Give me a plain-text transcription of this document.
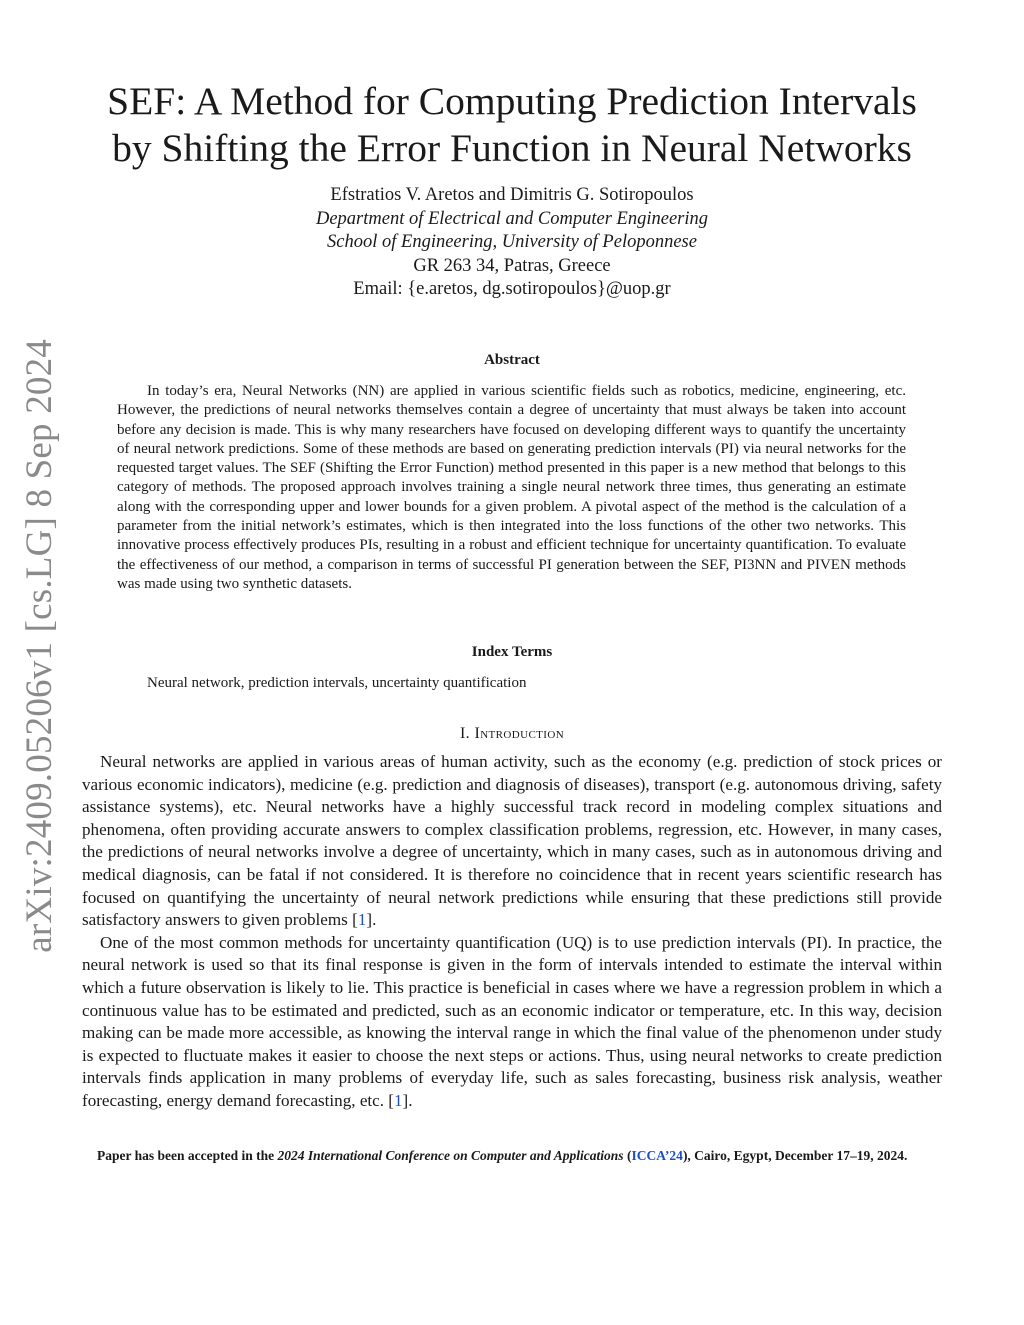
arXiv:2409.05206v1 [cs.LG] 8 Sep 2024
SEF: A Method for Computing Prediction Intervals
by Shifting the Error Function in Neural Networks
Efstratios V. Aretos and Dimitris G. Sotiropoulos
Department of Electrical and Computer Engineering
School of Engineering, University of Peloponnese
GR 263 34, Patras, Greece
Email: {e.aretos, dg.sotiropoulos}@uop.gr
Abstract

In today’s era, Neural Networks (NN) are applied in various scientific fields such as robotics, medicine, engineering, etc. However, the predictions of neural networks themselves contain a degree of uncertainty that must always be taken into account before any decision is made. This is why many researchers have focused on developing different ways to quantify the uncertainty of neural network predictions. Some of these methods are based on generating prediction intervals (PI) via neural networks for the requested target values. The SEF (Shifting the Error Function) method presented in this paper is a new method that belongs to this category of methods. The proposed approach involves training a single neural network three times, thus generating an estimate along with the corresponding upper and lower bounds for a given problem. A pivotal aspect of the method is the calculation of a parameter from the initial network’s estimates, which is then integrated into the loss functions of the other two networks. This innovative process effectively produces PIs, resulting in a robust and efficient technique for uncertainty quantification. To evaluate the effectiveness of our method, a comparison in terms of successful PI generation between the SEF, PI3NN and PIVEN methods was made using two synthetic datasets.

Index Terms
Neural network, prediction intervals, uncertainty quantification
I. Introduction

Neural networks are applied in various areas of human activity, such as the economy (e.g. prediction of stock prices or various economic indicators), medicine (e.g. prediction and diagnosis of diseases), transport (e.g. autonomous driving, safety assistance systems), etc. Neural networks have a highly successful track record in modeling complex situations and phenomena, often providing accurate answers to complex classification problems, regression, etc. However, in many cases, the predictions of neural networks involve a degree of uncertainty, which in many cases, such as in autonomous driving and medical diagnosis, can be fatal if not considered. It is therefore no coincidence that in recent years scientific research has focused on quantifying the uncertainty of neural network predictions while ensuring that these predictions still provide satisfactory answers to given problems [1].

One of the most common methods for uncertainty quantification (UQ) is to use prediction intervals (PI). In practice, the neural network is used so that its final response is given in the form of intervals intended to estimate the interval within which a future observation is likely to lie. This practice is beneficial in cases where we have a regression problem in which a continuous value has to be estimated and predicted, such as an economic indicator or temperature, etc. In this way, decision making can be made more accessible, as knowing the interval range in which the final value of the phenomenon under study is expected to fluctuate makes it easier to choose the next steps or actions. Thus, using neural networks to create prediction intervals finds application in many problems of everyday life, such as sales forecasting, business risk analysis, weather forecasting, energy demand forecasting, etc. [1].

Paper has been accepted in the 2024 International Conference on Computer and Applications (ICCA’24), Cairo, Egypt, December 17–19, 2024.
